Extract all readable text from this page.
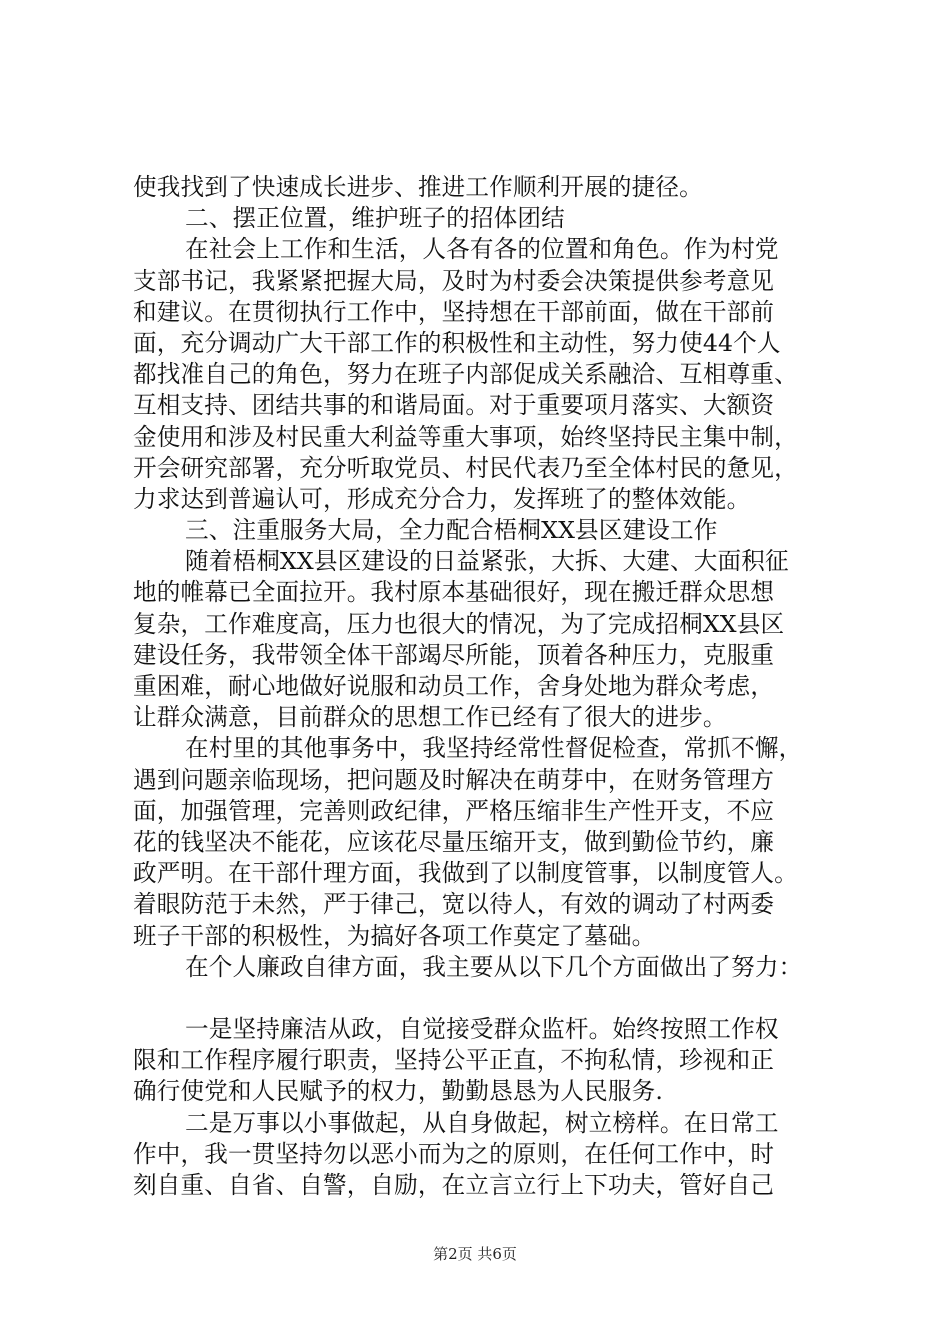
使我找到了快速成长进步、推进工作顺利开展的捷径。
二、摆正位置，维护班子的招体团结
在社会上工作和生活，人各有各的位置和角色。作为村党
支部书记，我紧紧把握大局，及时为村委会决策提供参考意见
和建议。在贯彻执行工作中，坚持想在干部前面，做在干部前
面，充分调动广大干部工作的积极性和主动性，努力使44个人
都找准自己的角色，努力在班子内部促成关系融洽、互相尊重、
互相支持、团结共事的和谐局面。对于重要项月落实、大额资
金使用和涉及村民重大利益等重大事项，始终坚持民主集中制，
开会研究部署，充分听取党员、村民代表乃至全体村民的惫见，
力求达到普遍认可，形成充分合力，发挥班了的整体效能。
三、注重服务大局，全力配合梧桐XX县区建设工作
随着梧桐XX县区建设的日益紧张，大拆、大建、大面积征
地的帷幕已全面拉开。我村原本基础很好，现在搬迁群众思想
复杂，工作难度高，压力也很大的情况，为了完成招桐XX县区
建设任务，我带领全体干部竭尽所能，顶着各种压力，克服重
重困难，耐心地做好说服和动员工作，舍身处地为群众考虑，
让群众满意，目前群众的思想工作已经有了很大的进步。
在村里的其他事务中，我坚持经常性督促检查，常抓不懈，
遇到问题亲临现场，把问题及时解决在萌芽中，在财务管理方
面，加强管理，完善则政纪律，严格压缩非生产性开支，不应
花的钱坚决不能花，应该花尽量压缩开支，做到勤俭节约，廉
政严明。在干部什理方面，我做到了以制度管事，以制度管人。
着眼防范于未然，严于律己，宽以待人，有效的调动了村两委
班子干部的积极性，为搞好各项工作莫定了墓础。
在个人廉政自律方面，我主要从以下几个方面做出了努力：
一是坚持廉洁从政，自觉接受群众监杆。始终按照工作权
限和工作程序履行职责，坚持公平正直，不拘私情，珍视和正
确行使党和人民赋予的权力，勤勤恳恳为人民服务.
二是万事以小事做起，从自身做起，树立榜样。在日常工
作中，我一贯坚持勿以恶小而为之的原则，在任何工作中，时
刻自重、自省、自警，自励，在立言立行上下功夫，管好自己
第2页 共6页
